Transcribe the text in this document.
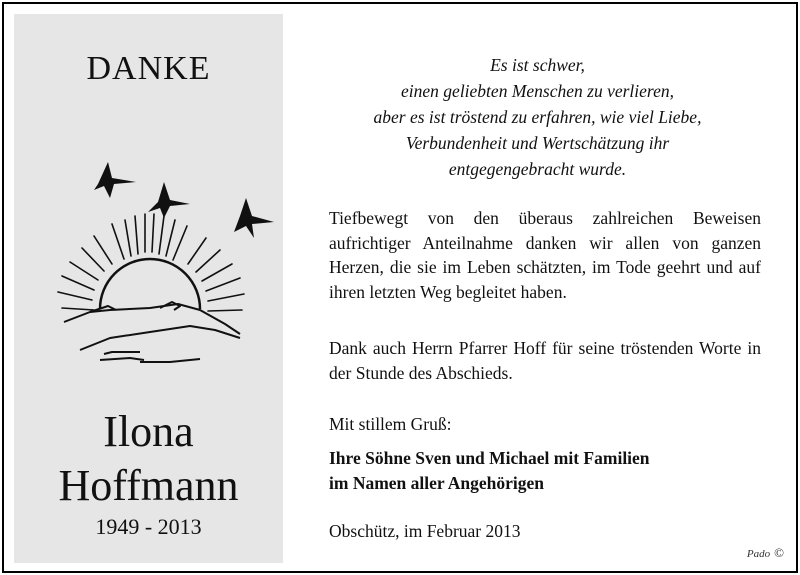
DANKE
Ilona
Hoffmann
1949 - 2013
Es ist schwer,
einen geliebten Menschen zu verlieren,
aber es ist tröstend zu erfahren, wie viel Liebe,
Verbundenheit und Wertschätzung ihr
entgegengebracht wurde.
Tiefbewegt von den überaus zahlreichen Beweisen aufrichtiger Anteilnahme danken wir allen von ganzen Herzen, die sie im Leben schätzten, im Tode geehrt und auf ihren letzten Weg begleitet haben.
Dank auch Herrn Pfarrer Hoff für seine tröstenden Worte in der Stunde des Abschieds.
Mit stillem Gruß:
Ihre Söhne Sven und Michael mit Familien
im Namen aller Angehörigen
Obschütz, im Februar 2013
Pado ©
